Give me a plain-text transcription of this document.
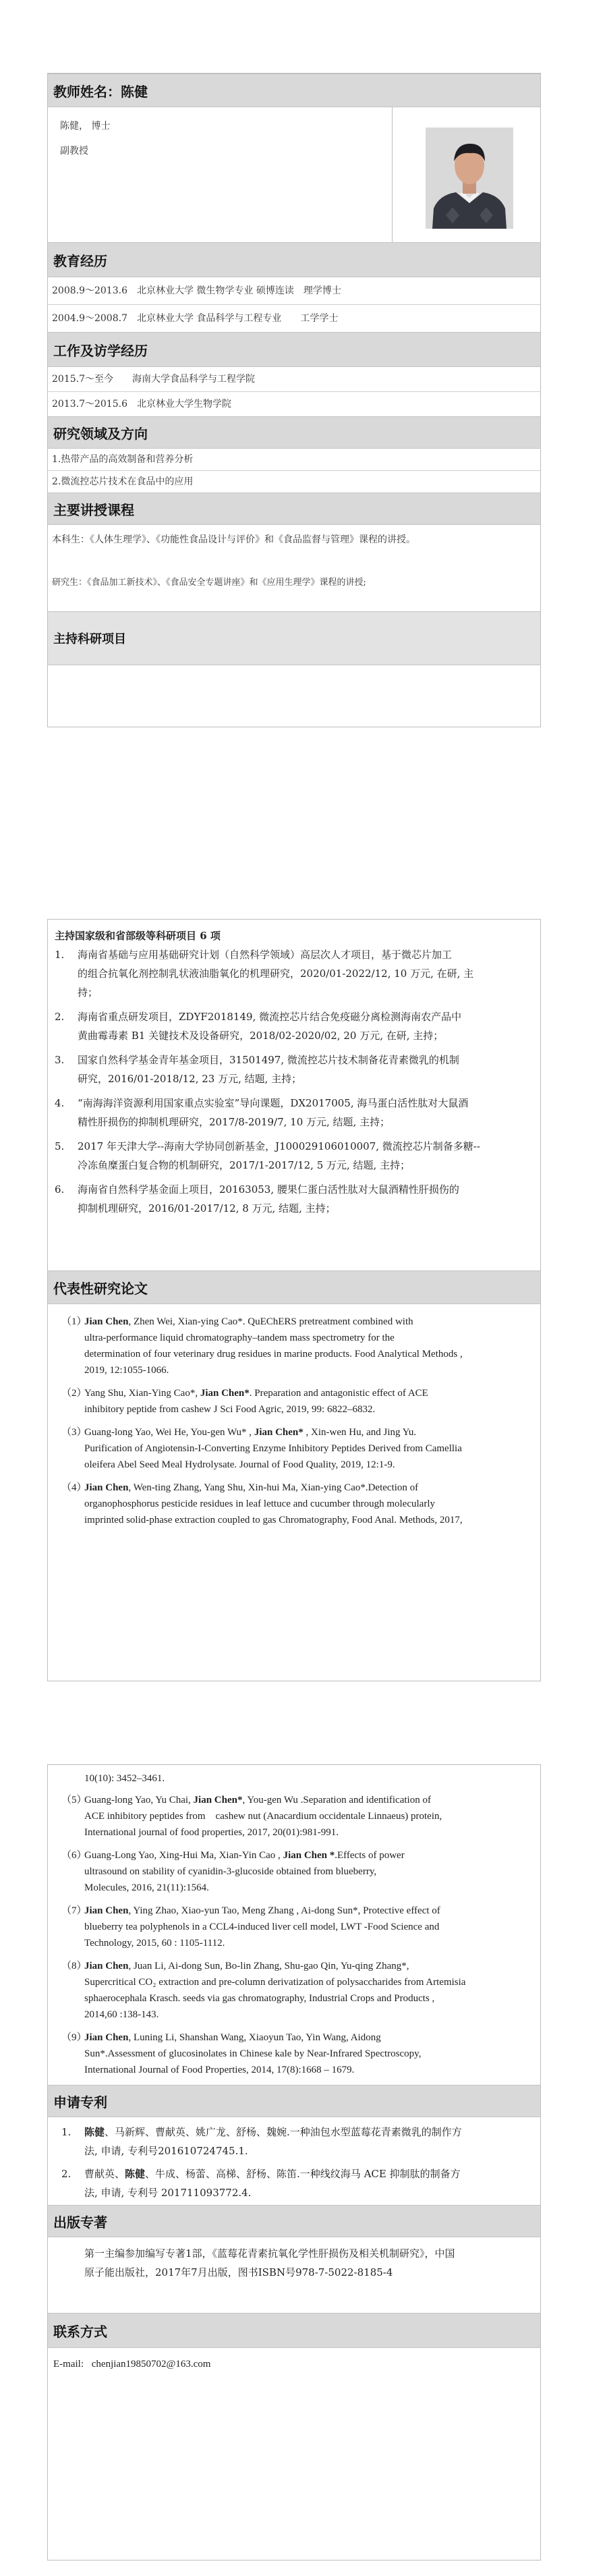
教师姓名： 陈健
陈健， 博士
副教授
教育经历
2008.9～2013.6　北京林业大学 微生物学专业 硕博连读　理学博士
2004.9～2008.7　北京林业大学 食品科学与工程专业　　工学学士
工作及访学经历
2015.7～至今　　海南大学食品科学与工程学院
2013.7～2015.6　北京林业大学生物学院
研究领域及方向
1.热带产品的高效制备和营养分析
2.微流控芯片技术在食品中的应用
主要讲授课程
本科生：《人体生理学》、《功能性食品设计与评价》和《食品监督与管理》课程的讲授。
研究生：《食品加工新技术》、《食品安全专题讲座》和《应用生理学》课程的讲授;
主持科研项目
主持国家级和省部级等科研项目 6 项
1. 海南省基础与应用基础研究计划（自然科学领域）高层次人才项目，基于微芯片加工
的组合抗氧化剂控制乳状液油脂氧化的机理研究，2020/01-2022/12, 10 万元, 在研, 主
持；
2. 海南省重点研发项目，ZDYF2018149, 微流控芯片结合免疫磁分离检测海南农产品中
黄曲霉毒素 B1 关键技术及设备研究，2018/02-2020/02, 20 万元, 在研, 主持；
3. 国家自然科学基金青年基金项目，31501497, 微流控芯片技术制备花青素微乳的机制
研究，2016/01-2018/12, 23 万元, 结题, 主持；
4. “南海海洋资源利用国家重点实验室”导向课题，DX2017005, 海马蛋白活性肽对大鼠酒
精性肝损伤的抑制机理研究，2017/8-2019/7, 10 万元, 结题, 主持；
5. 2017 年天津大学--海南大学协同创新基金，J100029106010007, 微流控芯片制备多糖--
冷冻鱼糜蛋白复合物的机制研究，2017/1-2017/12, 5 万元, 结题, 主持；
6. 海南省自然科学基金面上项目，20163053, 腰果仁蛋白活性肽对大鼠酒精性肝损伤的
抑制机理研究，2016/01-2017/12, 8 万元, 结题, 主持；
代表性研究论文
（1）Jian Chen, Zhen Wei, Xian-ying Cao*. QuEChERS pretreatment combined with
ultra-performance liquid chromatography–tandem mass spectrometry for the
determination of four veterinary drug residues in marine products. Food Analytical Methods ,
2019, 12:1055-1066.
（2）Yang Shu, Xian-Ying Cao*, Jian Chen*. Preparation and antagonistic effect of ACE
inhibitory peptide from cashew J Sci Food Agric, 2019, 99: 6822–6832.
（3）Guang-long Yao, Wei He, You-gen Wu* , Jian Chen* , Xin-wen Hu, and Jing Yu.
Purification of Angiotensin-I-Converting Enzyme Inhibitory Peptides Derived from Camellia
oleifera Abel Seed Meal Hydrolysate. Journal of Food Quality, 2019, 12:1-9.
（4）Jian Chen, Wen-ting Zhang, Yang Shu, Xin-hui Ma, Xian-ying Cao*.Detection of
organophosphorus pesticide residues in leaf lettuce and cucumber through molecularly
imprinted solid-phase extraction coupled to gas Chromatography, Food Anal. Methods, 2017,
10(10): 3452–3461.
（5）Guang-long Yao, Yu Chai, Jian Chen*, You-gen Wu .Separation and identification of
ACE inhibitory peptides from　cashew nut (Anacardium occidentale Linnaeus) protein,
International journal of food properties, 2017, 20(01):981-991.
（6）Guang-Long Yao, Xing-Hui Ma, Xian-Yin Cao , Jian Chen *.Effects of power
ultrasound on stability of cyanidin-3-glucoside obtained from blueberry,
Molecules, 2016, 21(11):1564.
（7）Jian Chen, Ying Zhao, Xiao-yun Tao, Meng Zhang , Ai-dong Sun*, Protective effect of
blueberry tea polyphenols in a CCL4-induced liver cell model, LWT -Food Science and
Technology, 2015, 60 : 1105-1112.
（8）Jian Chen, Juan Li, Ai-dong Sun, Bo-lin Zhang, Shu-gao Qin, Yu-qing Zhang*,
Supercritical CO₂ extraction and pre-column derivatization of polysaccharides from Artemisia
sphaerocephala Krasch. seeds via gas chromatography, Industrial Crops and Products ,
2014,60 :138-143.
（9）Jian Chen, Luning Li, Shanshan Wang, Xiaoyun Tao, Yin Wang, Aidong
Sun*.Assessment of glucosinolates in Chinese kale by Near-Infrared Spectroscopy,
International Journal of Food Properties, 2014, 17(8):1668 – 1679.
申请专利
1. 陈健、马新辉、曹献英、姚广龙、舒杨、魏婉.一种油包水型蓝莓花青素微乳的制作方
法, 申请, 专利号201610724745.1.
2. 曹献英、陈健、牛成、杨蕾、高梯、舒杨、陈笛.一种线纹海马 ACE 抑制肽的制备方
法, 申请, 专利号 201711093772.4.
出版专著
第一主编参加编写专著1部，《蓝莓花青素抗氧化学性肝损伤及相关机制研究》，中国
原子能出版社，2017年7月出版，图书ISBN号978-7-5022-8185-4
联系方式
E-mail: chenjian19850702@163.com
